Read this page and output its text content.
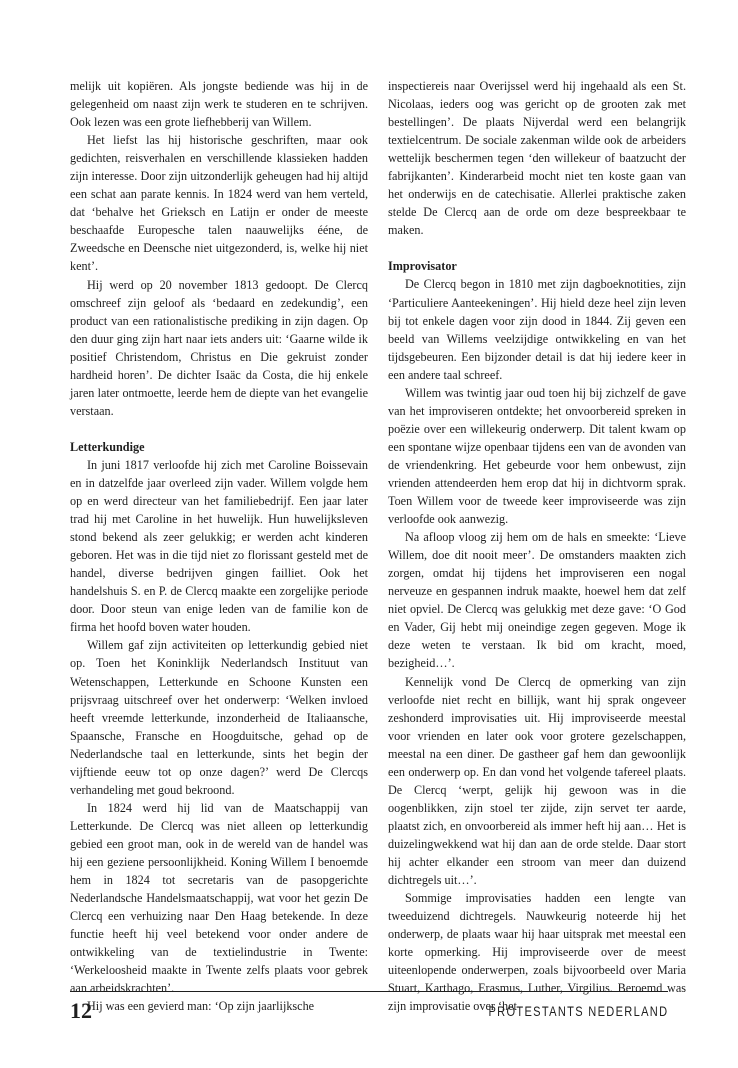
melijk uit kopiëren. Als jongste bediende was hij in de gelegenheid om naast zijn werk te studeren en te schrijven. Ook lezen was een grote liefhebberij van Willem.

Het liefst las hij historische geschriften, maar ook gedichten, reisverhalen en verschillende klassieken hadden zijn interesse. Door zijn uitzonderlijk geheugen had hij altijd een schat aan parate kennis. In 1824 werd van hem verteld, dat ‘behalve het Grieksch en Latijn er onder de meeste beschaafde Europesche talen naauwelijks ééne, de Zweedsche en Deensche niet uitgezonderd, is, welke hij niet kent’.

Hij werd op 20 november 1813 gedoopt. De Clercq omschreef zijn geloof als ‘bedaard en zedekundig’, een product van een rationalistische prediking in zijn dagen. Op den duur ging zijn hart naar iets anders uit: ‘Gaarne wilde ik positief Christendom, Christus en Die gekruist zonder hardheid horen’. De dichter Isaäc da Costa, die hij enkele jaren later ontmoette, leerde hem de diepte van het evangelie verstaan.

Letterkundige

In juni 1817 verloofde hij zich met Caroline Boissevain en in datzelfde jaar overleed zijn vader. Willem volgde hem op en werd directeur van het familiebedrijf. Een jaar later trad hij met Caroline in het huwelijk. Hun huwelijksleven stond bekend als zeer gelukkig; er werden acht kinderen geboren. Het was in die tijd niet zo florissant gesteld met de handel, diverse bedrijven gingen failliet. Ook het handelshuis S. en P. de Clercq maakte een zorgelijke periode door. Door steun van enige leden van de familie kon de firma het hoofd boven water houden.

Willem gaf zijn activiteiten op letterkundig gebied niet op. Toen het Koninklijk Nederlandsch Instituut van Wetenschappen, Letterkunde en Schoone Kunsten een prijsvraag uitschreef over het onderwerp: ‘Welken invloed heeft vreemde letterkunde, inzonderheid de Italiaansche, Spaansche, Fransche en Hoogduitsche, gehad op de Nederlandsche taal en letterkunde, sints het begin der vijftiende eeuw tot op onze dagen?’ werd De Clercqs verhandeling met goud bekroond.

In 1824 werd hij lid van de Maatschappij van Letterkunde. De Clercq was niet alleen op letterkundig gebied een groot man, ook in de wereld van de handel was hij een geziene persoonlijkheid. Koning Willem I benoemde hem in 1824 tot secretaris van de pasopgerichte Nederlandsche Handelsmaatschappij, wat voor het gezin De Clercq een verhuizing naar Den Haag betekende. In deze functie heeft hij veel betekend voor onder andere de ontwikkeling van de textielindustrie in Twente: ‘Werkeloosheid maakte in Twente zelfs plaats voor gebrek aan arbeidskrachten’.

Hij was een gevierd man: ‘Op zijn jaarlijksche

inspectiereis naar Overijssel werd hij ingehaald als een St. Nicolaas, ieders oog was gericht op de grooten zak met bestellingen’. De plaats Nijverdal werd een belangrijk textielcentrum. De sociale zakenman wilde ook de arbeiders wettelijk beschermen tegen ‘den willekeur of baatzucht der fabrijkanten’. Kinderarbeid mocht niet ten koste gaan van het onderwijs en de catechisatie. Allerlei praktische zaken stelde De Clercq aan de orde om deze bespreekbaar te maken.

Improvisator

De Clercq begon in 1810 met zijn dagboeknotities, zijn ‘Particuliere Aanteekeningen’. Hij hield deze heel zijn leven bij tot enkele dagen voor zijn dood in 1844. Zij geven een beeld van Willems veelzijdige ontwikkeling en van het tijdsgebeuren. Een bijzonder detail is dat hij iedere keer in een andere taal schreef.

Willem was twintig jaar oud toen hij bij zichzelf de gave van het improviseren ontdekte; het onvoorbereid spreken in poëzie over een willekeurig onderwerp. Dit talent kwam op een spontane wijze openbaar tijdens een van de avonden van de vriendenkring. Het gebeurde voor hem onbewust, zijn vrienden attendeerden hem erop dat hij in dichtvorm sprak. Toen Willem voor de tweede keer improviseerde was zijn verloofde ook aanwezig.

Na afloop vloog zij hem om de hals en smeekte: ‘Lieve Willem, doe dit nooit meer’. De omstanders maakten zich zorgen, omdat hij tijdens het improviseren een nogal nerveuze en gespannen indruk maakte, hoewel hem dat zelf niet opviel. De Clercq was gelukkig met deze gave: ‘O God en Vader, Gij hebt mij oneindige zegen gegeven. Moge ik deze weten te verstaan. Ik bid om kracht, moed, bezigheid…’.

Kennelijk vond De Clercq de opmerking van zijn verloofde niet recht en billijk, want hij sprak ongeveer zeshonderd improvisaties uit. Hij improviseerde meestal voor vrienden en later ook voor grotere gezelschappen, meestal na een diner. De gastheer gaf hem dan gewoonlijk een onderwerp op. En dan vond het volgende tafereel plaats. De Clercq ‘werpt, gelijk hij gewoon was in die oogenblikken, zijn stoel ter zijde, zijn servet ter aarde, plaatst zich, en onvoorbereid als immer heft hij aan… Het is duizelingwekkend wat hij dan aan de orde stelde. Daar stort hij achter elkander een stroom van meer dan duizend dichtregels uit…’.

Sommige improvisaties hadden een lengte van tweeduizend dichtregels. Nauwkeurig noteerde hij het onderwerp, de plaats waar hij haar uitsprak met meestal een korte opmerking. Hij improviseerde over de meest uiteenlopende onderwerpen, zoals bijvoorbeeld over Maria Stuart, Karthago, Erasmus, Luther, Virgilius. Beroemd was zijn improvisatie over ‘het

12	PROTESTANTS NEDERLAND
